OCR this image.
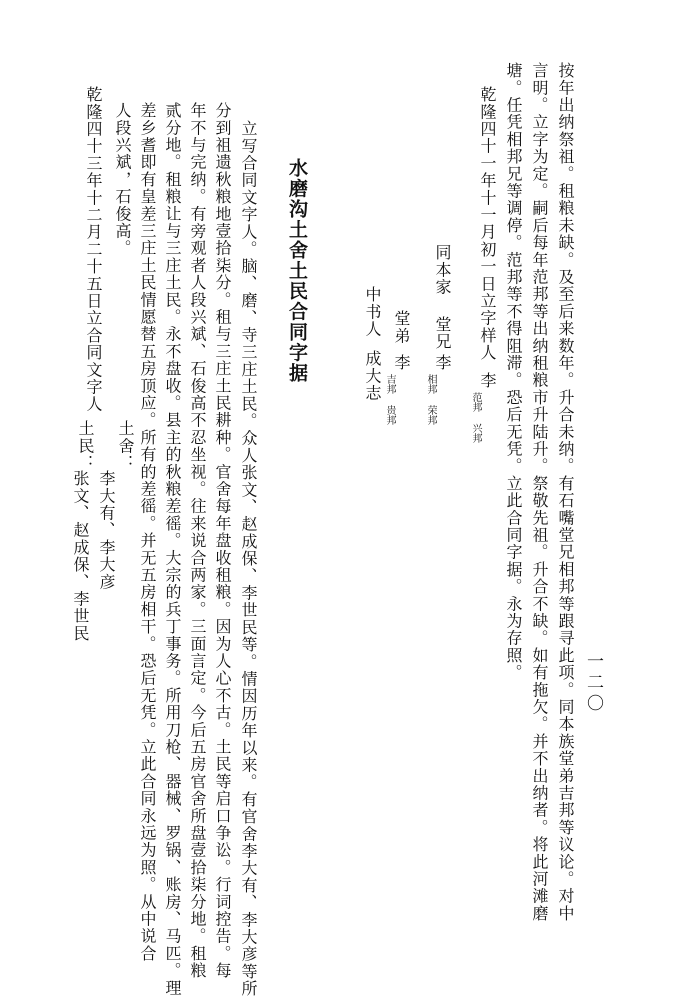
一二〇
按年出纳祭祖。租粮未缺。及至后来数年。升合未纳。有石嘴堂兄相邦等跟寻此项。同本族堂弟吉邦等议论。对中
言明。立字为定。嗣后每年范邦等出纳租粮市升陆升。祭敬先祖。升合不缺。如有拖欠。并不出纳者。将此河滩磨
塘。任凭相邦兄等调停。范邦等不得阻滞。恐后无凭。立此合同字据。永为存照。
乾隆四十一年十一月初一日立字样人
李
范邦 兴邦
同本家 堂兄
李
相邦 荣邦
堂弟
李
吉邦 贵邦
中书人
成大志
水磨沟土舍土民合同字据
立写合同文字人。脑、磨、寺三庄土民。众人张文、赵成保、李世民等。情因历年以来。有官舍李大有、李大彦等所
分到祖遗秋粮地壹拾柒分。租与三庄土民耕种。官舍每年盘收租粮。因为人心不古。土民等启口争讼。行词控告。每
年不与完纳。有旁观者人段兴斌、石俊高不忍坐视。往来说合两家。三面言定。今后五房官舍所盘壹拾柒分地。租粮
贰分地。租粮让与三庄土民。永不盘收。县主的秋粮差徭。大宗的兵丁事务。所用刀枪、器械、罗锅、账房、马匹。理
差乡耆即有皇差三庄土民情愿替五房顶应。所有的差徭。并无五房相干。恐后无凭。立此合同永远为照。从中说合
人段兴斌，石俊高。
乾隆四十三年十二月二十五日立合同文字人
土舍：
李大有、李大彦
土民：
张文、赵成保、李世民
